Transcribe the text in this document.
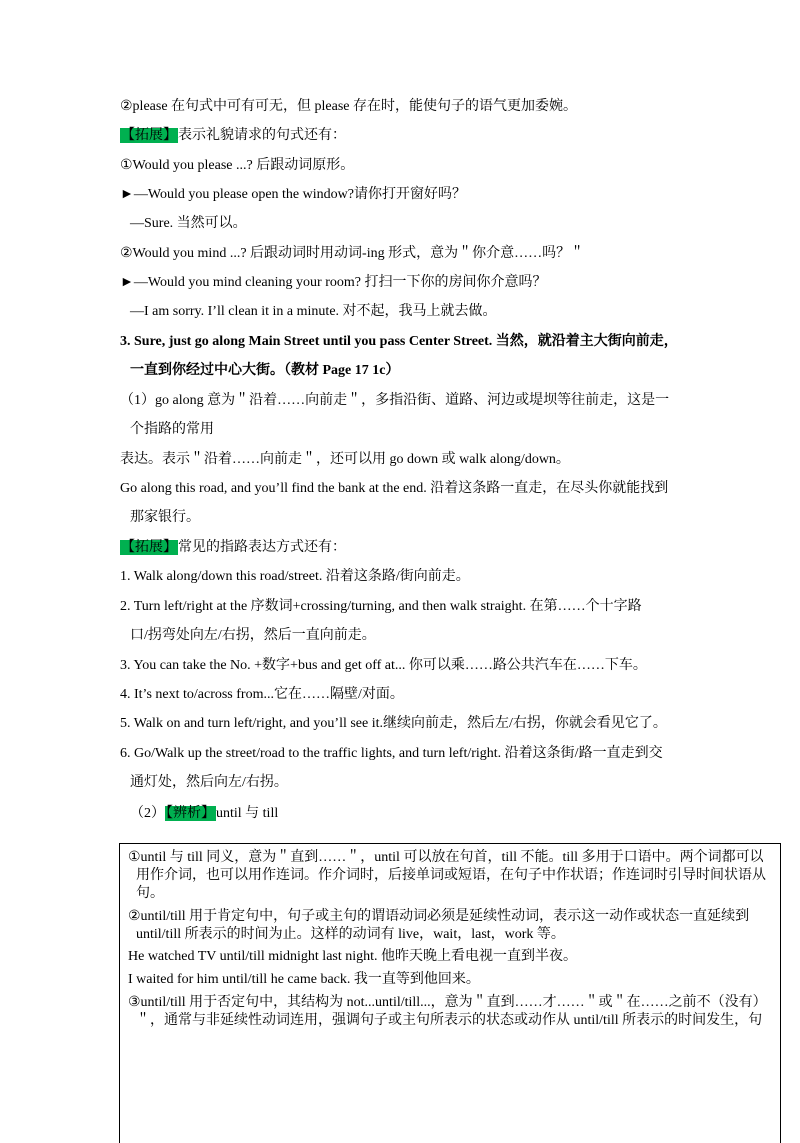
②please 在句式中可有可无，但 please 存在时，能使句子的语气更加委婉。
【拓展】表示礼貌请求的句式还有：
①Would you please ...? 后跟动词原形。
►—Would you please open the window?请你打开窗好吗？
—Sure. 当然可以。
②Would you mind ...? 后跟动词时用动词-ing 形式，意为＂你介意……吗？＂
►—Would you mind cleaning your room? 打扫一下你的房间你介意吗？
—I am sorry. I’ll clean it in a minute. 对不起，我马上就去做。
3. Sure, just go along Main Street until you pass Center Street. 当然，就沿着主大街向前走，
一直到你经过中心大街。（教材 Page 17 1c）
（1）go along 意为＂沿着……向前走＂，多指沿街、道路、河边或堤坝等往前走，这是一
个指路的常用
表达。表示＂沿着……向前走＂，还可以用 go down 或 walk along/down。
Go along this road, and you’ll find the bank at the end. 沿着这条路一直走，在尽头你就能找到
那家银行。
【拓展】常见的指路表达方式还有：
1. Walk along/down this road/street. 沿着这条路/街向前走。
2. Turn left/right at the 序数词+crossing/turning, and then walk straight. 在第……个十字路
口/拐弯处向左/右拐，然后一直向前走。
3. You can take the No. +数字+bus and get off at... 你可以乘……路公共汽车在……下车。
4. It’s next to/across from...它在……隔壁/对面。
5. Walk on and turn left/right, and you’ll see it.继续向前走，然后左/右拐，你就会看见它了。
6. Go/Walk up the street/road to the traffic lights, and turn left/right. 沿着这条街/路一直走到交
通灯处，然后向左/右拐。
（2）【辨析】until 与 till
①until 与 till 同义，意为＂直到……＂，until 可以放在句首，till 不能。till 多用于口语中。两个词都可以
用作介词，也可以用作连词。作介词时，后接单词或短语，在句子中作状语；作连词时引导时间状语从
句。
②until/till 用于肯定句中，句子或主句的谓语动词必须是延续性动词，表示这一动作或状态一直延续到
until/till 所表示的时间为止。这样的动词有 live，wait，last，work 等。
He watched TV until/till midnight last night. 他昨天晚上看电视一直到半夜。
I waited for him until/till he came back. 我一直等到他回来。
③until/till 用于否定句中，其结构为 not...until/till...，意为＂直到……才……＂或＂在……之前不（没有）
＂，通常与非延续性动词连用，强调句子或主句所表示的状态或动作从 until/till 所表示的时间发生，句
